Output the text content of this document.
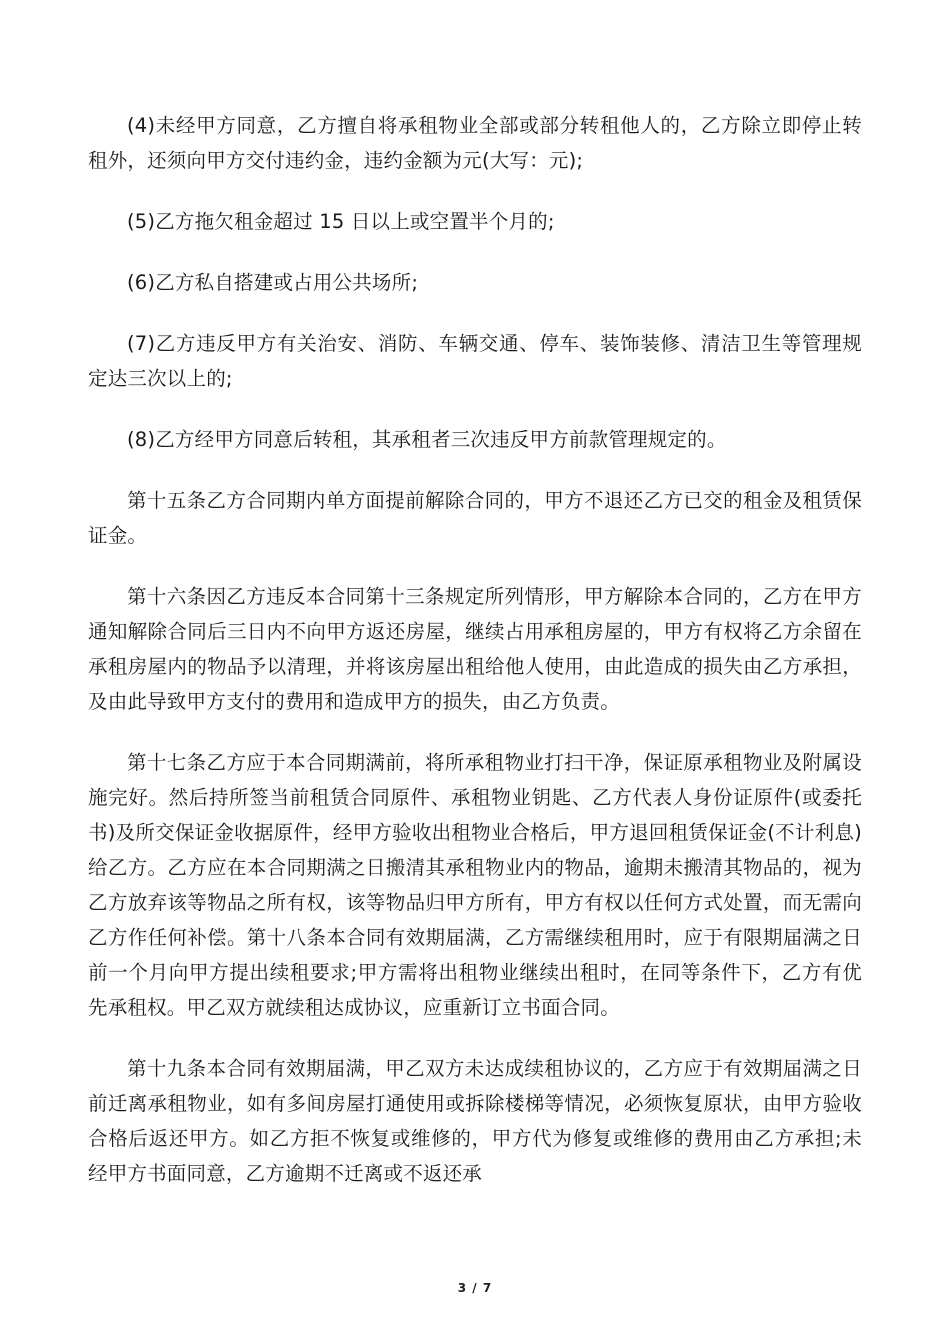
(4)未经甲方同意，乙方擅自将承租物业全部或部分转租他人的，乙方除立即停止转租外，还须向甲方交付违约金，违约金额为元(大写：元);

(5)乙方拖欠租金超过 15 日以上或空置半个月的;

(6)乙方私自搭建或占用公共场所;

(7)乙方违反甲方有关治安、消防、车辆交通、停车、装饰装修、清洁卫生等管理规定达三次以上的;

(8)乙方经甲方同意后转租，其承租者三次违反甲方前款管理规定的。

第十五条乙方合同期内单方面提前解除合同的，甲方不退还乙方已交的租金及租赁保证金。

第十六条因乙方违反本合同第十三条规定所列情形，甲方解除本合同的，乙方在甲方通知解除合同后三日内不向甲方返还房屋，继续占用承租房屋的，甲方有权将乙方余留在承租房屋内的物品予以清理，并将该房屋出租给他人使用，由此造成的损失由乙方承担，及由此导致甲方支付的费用和造成甲方的损失，由乙方负责。

第十七条乙方应于本合同期满前，将所承租物业打扫干净，保证原承租物业及附属设施完好。然后持所签当前租赁合同原件、承租物业钥匙、乙方代表人身份证原件(或委托书)及所交保证金收据原件，经甲方验收出租物业合格后，甲方退回租赁保证金(不计利息)给乙方。乙方应在本合同期满之日搬清其承租物业内的物品，逾期未搬清其物品的，视为乙方放弃该等物品之所有权，该等物品归甲方所有，甲方有权以任何方式处置，而无需向乙方作任何补偿。第十八条本合同有效期届满，乙方需继续租用时，应于有限期届满之日前一个月向甲方提出续租要求;甲方需将出租物业继续出租时，在同等条件下，乙方有优先承租权。甲乙双方就续租达成协议，应重新订立书面合同。

第十九条本合同有效期届满，甲乙双方未达成续租协议的，乙方应于有效期届满之日前迁离承租物业，如有多间房屋打通使用或拆除楼梯等情况，必须恢复原状，由甲方验收合格后返还甲方。如乙方拒不恢复或维修的，甲方代为修复或维修的费用由乙方承担;未经甲方书面同意，乙方逾期不迁离或不返还承

3 / 7
